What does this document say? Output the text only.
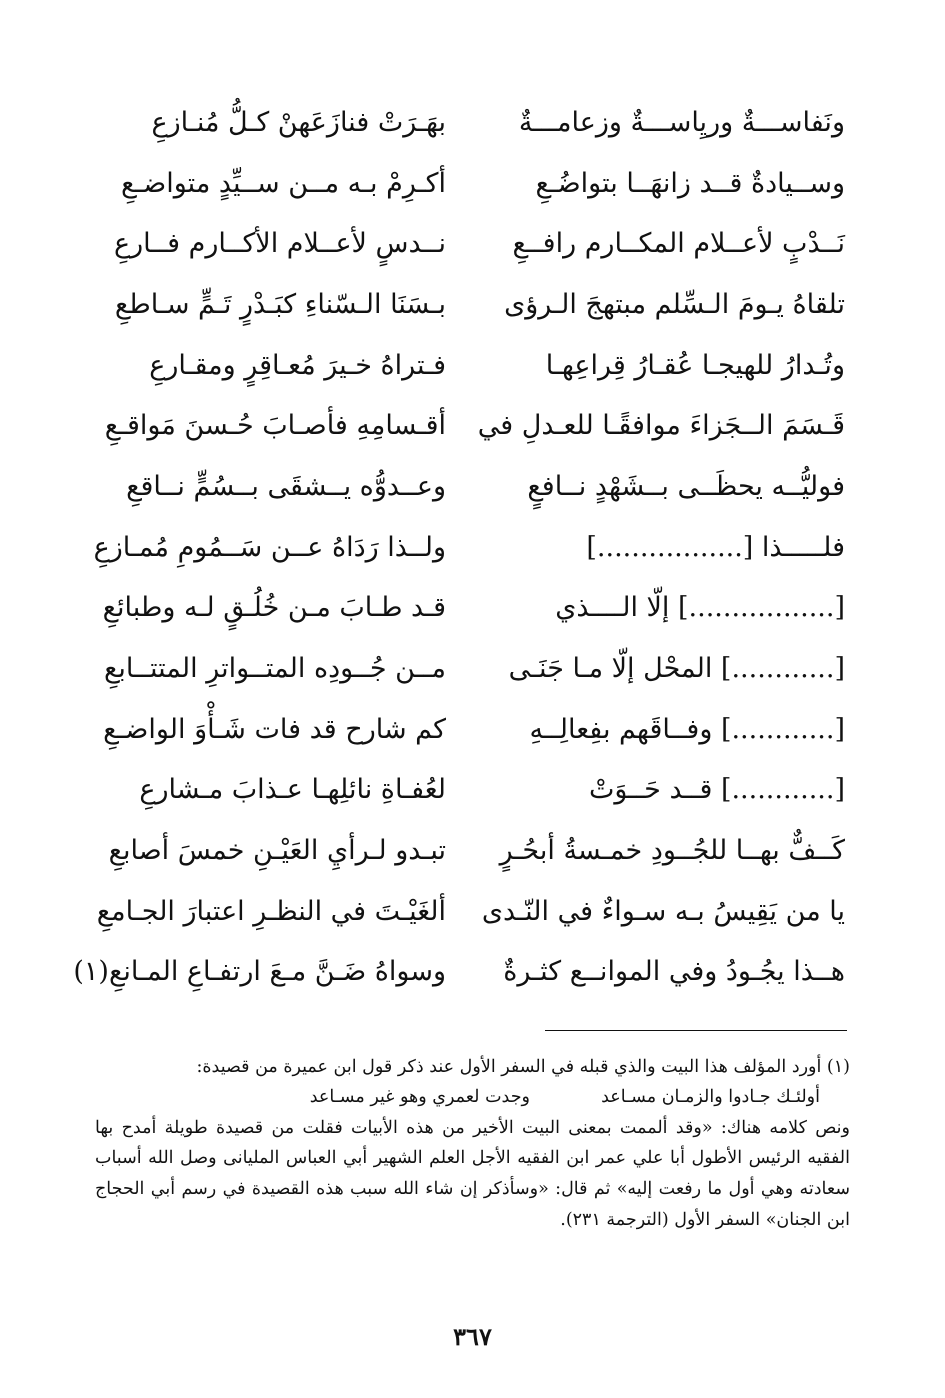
ونَفاســـةٌ وريِاســـةٌ وزعامـــةٌ
بهَـرَتْ فنازَعَهنْ كـلُّ مُنـازعِ
وســيادةٌ قــد زانهَــا بتواضُـعِ
أكـرِمْ بـه مــن ســيِّدٍ متواضـعِ
نَــدْبٍ لأعــلام المكــارم رافــعِ
نــدسٍ لأعــلام الأكــارم فــارعِ
تلقاهُ يـومَ الـسِّلم مبتهجَ الـرؤى
بـسَنَا الـسّناءِ كبَـدْرٍ تَـمٍّ سـاطعِ
وتُـدارُ للهيجـا عُقـارُ قِراعِهـا
فـتراهُ خـيرَ مُعـاقِرٍ ومقـارعِ
قَـسَمَ الــجَزاءَ موافقًـا للعـدلِ في
أقـسامِهِ فأصـابَ حُـسنَ مَواقـعِ
فوليُّــه يحظَــى بــشَهْدٍ نــافعٍ
وعــدوُّه يــشقَى بــسُمٍّ نــاقعِ
فلـــــذا [.................]
ولــذا رَدَاهُ عــن سَــمُومِ مُمـازعِ
[.................] إلّا الــــذي
قـد طـابَ مـن خُلُـقٍ لـه وطبائعِ
[............] المحْل إلّا مـا جَنَـى
مــن جُــودِه المتــواترِ المتتــابعِ
[............] وفــاقَهم بفِعالِــهِ
كم شارح قد فات شَـأْوَ الواضـعِ
[............] قــد حَــوَتْ
لعُفـاةِ نائلِهـا عـذابَ مـشارعِ
كَــفٌّ بهــا للجُــودِ خمـسةُ أبحُـرٍ
تبـدو لـرأيِ العَيْـنِ خمسَ أصابعِ
يا من يَقِيسُ بـه سـواءٌ في النّـدى
ألغَيْـتَ في النظـرِ اعتبارَ الجـامعِ
هــذا يجُـودُ وفي الموانــع كثـرةٌ
وسواهُ ضَـنَّ مـعَ ارتفـاعِ المـانعِ(١)

(١) أورد المؤلف هذا البيت والذي قبله في السفر الأول عند ذكر قول ابن عميرة من قصيدة:

أولئـك جـادوا والزمـان مسـاعد
وجدت لعمري وهو غير مسـاعد

ونص كلامه هناك: «وقد ألممت بمعنى البيت الأخير من هذه الأبيات فقلت من قصيدة طويلة أمدح بها الفقيه الرئيس الأطول أبا علي عمر ابن الفقيه الأجل العلم الشهير أبي العباس المليانى وصل الله أسباب سعادته وهي أول ما رفعت إليه» ثم قال: «وسأذكر إن شاء الله سبب هذه القصيدة في رسم أبي الحجاج ابن الجنان» السفر الأول (الترجمة ٢٣١).

٣٦٧
